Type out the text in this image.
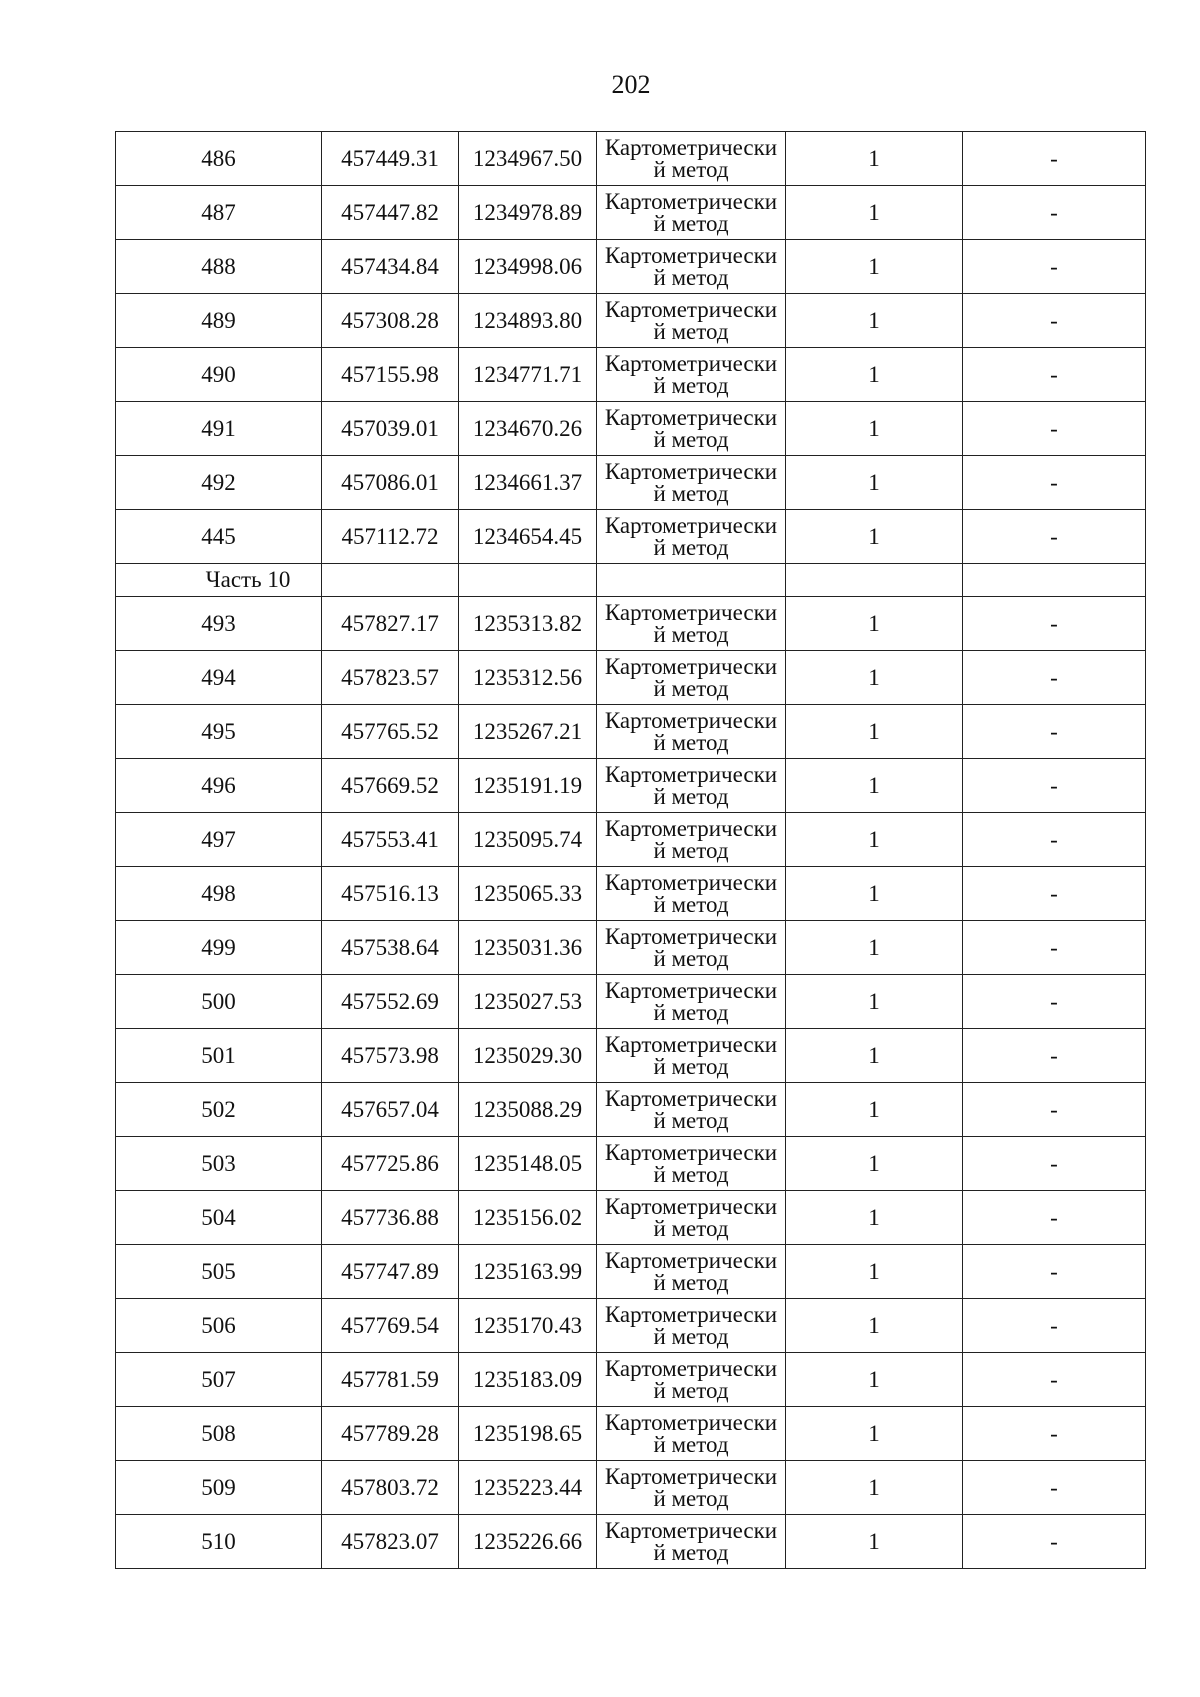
202
486	457449.31	1234967.50	Картометрически й метод	1	-
487	457447.82	1234978.89	Картометрически й метод	1	-
488	457434.84	1234998.06	Картометрически й метод	1	-
489	457308.28	1234893.80	Картометрически й метод	1	-
490	457155.98	1234771.71	Картометрически й метод	1	-
491	457039.01	1234670.26	Картометрически й метод	1	-
492	457086.01	1234661.37	Картометрически й метод	1	-
445	457112.72	1234654.45	Картометрически й метод	1	-
Часть 10					
493	457827.17	1235313.82	Картометрически й метод	1	-
494	457823.57	1235312.56	Картометрически й метод	1	-
495	457765.52	1235267.21	Картометрически й метод	1	-
496	457669.52	1235191.19	Картометрически й метод	1	-
497	457553.41	1235095.74	Картометрически й метод	1	-
498	457516.13	1235065.33	Картометрически й метод	1	-
499	457538.64	1235031.36	Картометрически й метод	1	-
500	457552.69	1235027.53	Картометрически й метод	1	-
501	457573.98	1235029.30	Картометрически й метод	1	-
502	457657.04	1235088.29	Картометрически й метод	1	-
503	457725.86	1235148.05	Картометрически й метод	1	-
504	457736.88	1235156.02	Картометрически й метод	1	-
505	457747.89	1235163.99	Картометрически й метод	1	-
506	457769.54	1235170.43	Картометрически й метод	1	-
507	457781.59	1235183.09	Картометрически й метод	1	-
508	457789.28	1235198.65	Картометрически й метод	1	-
509	457803.72	1235223.44	Картометрически й метод	1	-
510	457823.07	1235226.66	Картометрически й метод	1	-
